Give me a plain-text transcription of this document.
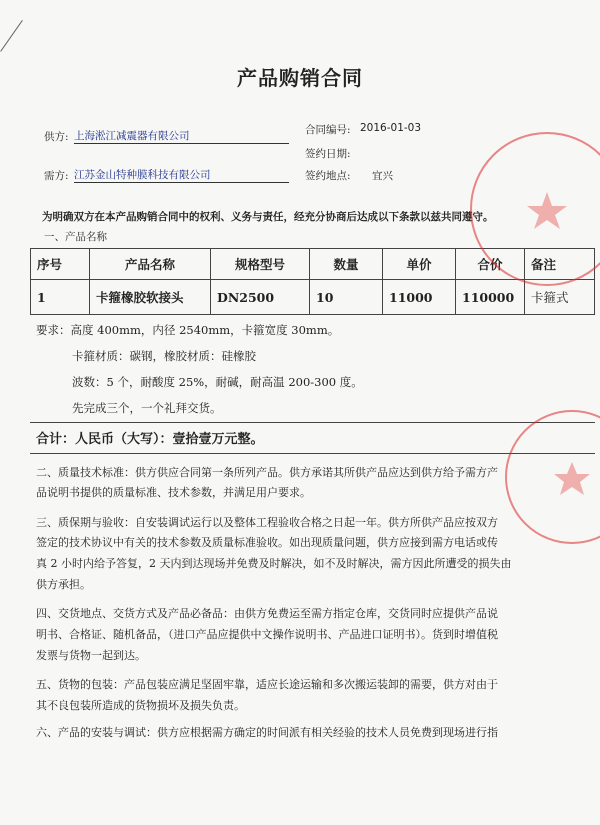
产品购销合同
供方: 上海淞江减震器有限公司	合同编号: 2016-01-03
签约日期:
需方: 江苏金山特种膜科技有限公司	签约地点: 宜兴
为明确双方在本产品购销合同中的权利、义务与责任，经充分协商后达成以下条款以兹共同遵守。
一、产品名称
序号	产品名称	规格型号	数量	单价	合价	备注
1	卡箍橡胶软接头	DN2500	10	11000	110000	卡箍式
要求：高度 400mm，内径 2540mm，卡箍宽度 30mm。
卡箍材质：碳钢，橡胶材质：硅橡胶
波数：5 个，耐酸度 25%，耐碱，耐高温 200-300 度。
先完成三个，一个礼拜交货。
合计：人民币（大写）：壹拾壹万元整。
二、质量技术标准：供方供应合同第一条所列产品。供方承诺其所供产品应达到供方给予需方产
品说明书提供的质量标准、技术参数，并满足用户要求。
三、质保期与验收：自安装调试运行以及整体工程验收合格之日起一年。供方所供产品应按双方
签定的技术协议中有关的技术参数及质量标准验收。如出现质量问题，供方应接到需方电话或传
真 2 小时内给予答复，2 天内到达现场并免费及时解决，如不及时解决，需方因此所遭受的损失由
供方承担。
四、交货地点、交货方式及产品必备品：由供方免费运至需方指定仓库，交货同时应提供产品说
明书、合格证、随机备品，（进口产品应提供中文操作说明书、产品进口证明书）。货到时增值税
发票与货物一起到达。
五、货物的包装：产品包装应满足坚固牢靠，适应长途运输和多次搬运装卸的需要，供方对由于
其不良包装所造成的货物损坏及损失负责。
六、产品的安装与调试：供方应根据需方确定的时间派有相关经验的技术人员免费到现场进行指
